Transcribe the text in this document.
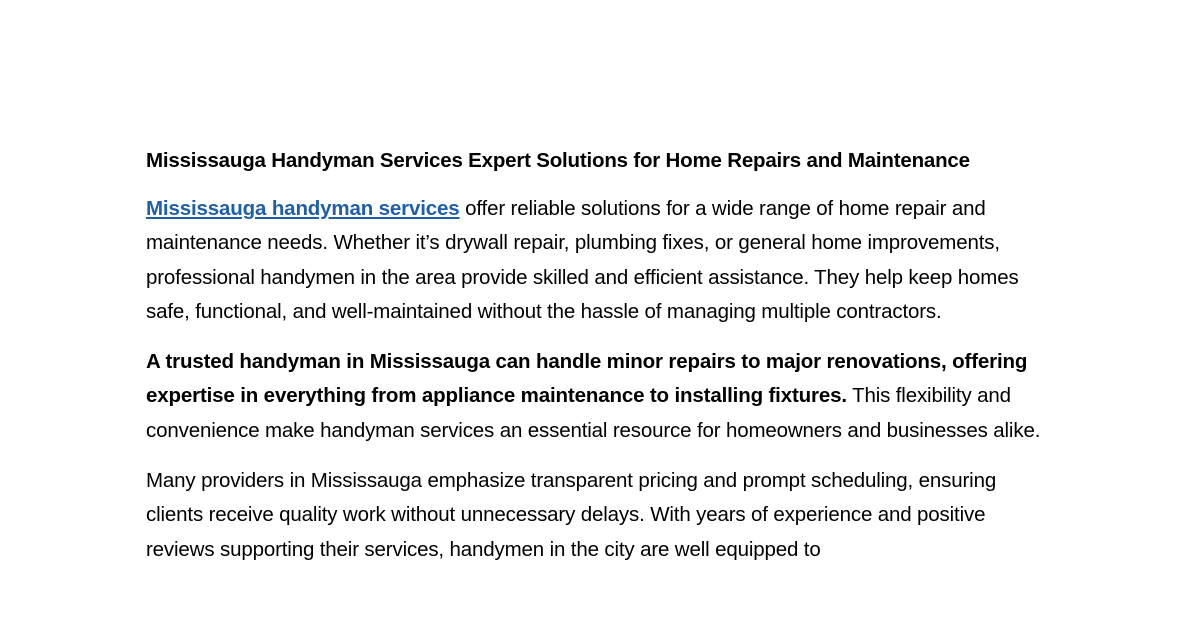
Mississauga Handyman Services Expert Solutions for Home Repairs and Maintenance

Mississauga handyman services offer reliable solutions for a wide range of home repair and maintenance needs. Whether it’s drywall repair, plumbing fixes, or general home improvements, professional handymen in the area provide skilled and efficient assistance. They help keep homes safe, functional, and well-maintained without the hassle of managing multiple contractors.

A trusted handyman in Mississauga can handle minor repairs to major renovations, offering expertise in everything from appliance maintenance to installing fixtures. This flexibility and convenience make handyman services an essential resource for homeowners and businesses alike.

Many providers in Mississauga emphasize transparent pricing and prompt scheduling, ensuring clients receive quality work without unnecessary delays. With years of experience and positive reviews supporting their services, handymen in the city are well equipped to
